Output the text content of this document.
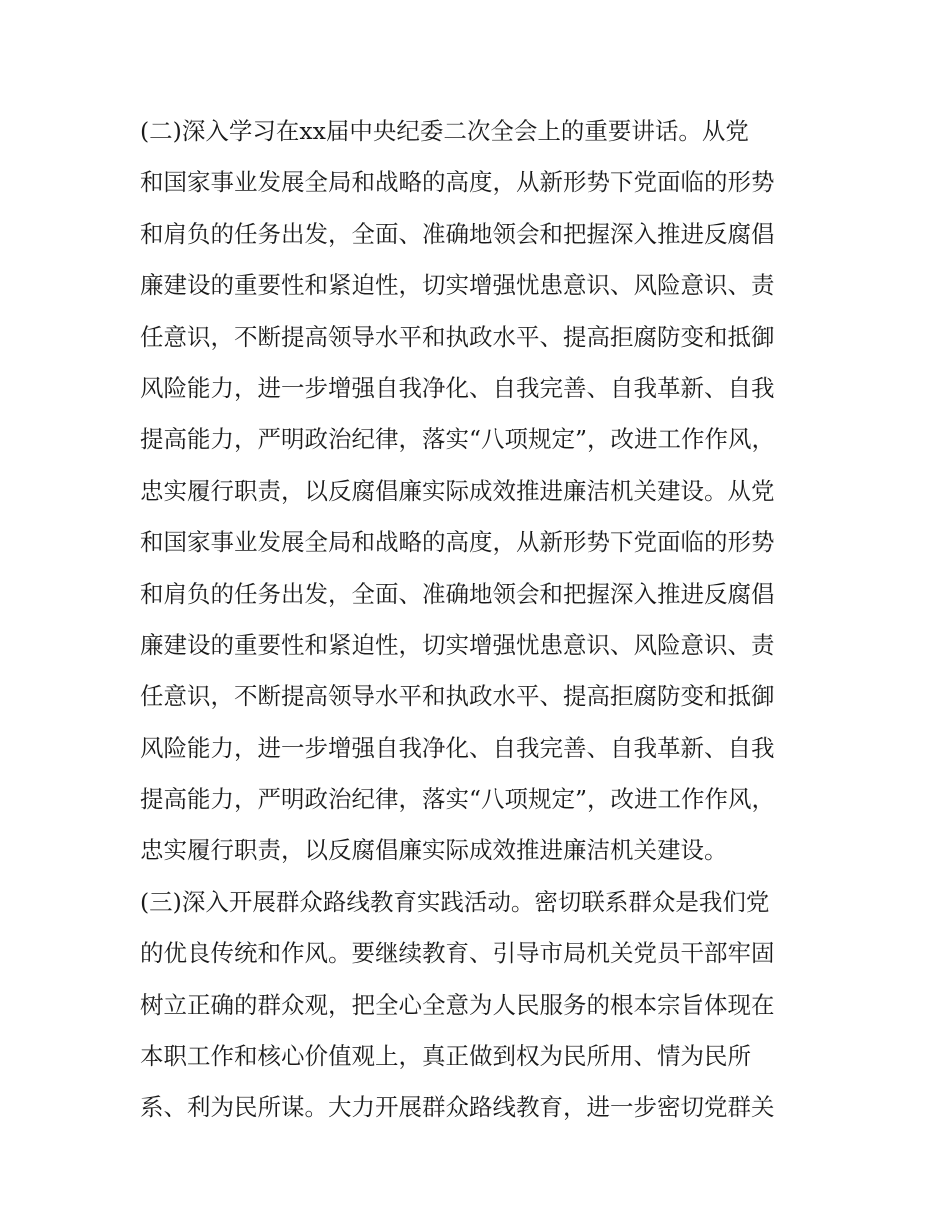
(二)深入学习在xx届中央纪委二次全会上的重要讲话。从党
和国家事业发展全局和战略的高度，从新形势下党面临的形势
和肩负的任务出发，全面、准确地领会和把握深入推进反腐倡
廉建设的重要性和紧迫性，切实增强忧患意识、风险意识、责
任意识，不断提高领导水平和执政水平、提高拒腐防变和抵御
风险能力，进一步增强自我净化、自我完善、自我革新、自我
提高能力，严明政治纪律，落实“八项规定”，改进工作作风，
忠实履行职责，以反腐倡廉实际成效推进廉洁机关建设。从党
和国家事业发展全局和战略的高度，从新形势下党面临的形势
和肩负的任务出发，全面、准确地领会和把握深入推进反腐倡
廉建设的重要性和紧迫性，切实增强忧患意识、风险意识、责
任意识，不断提高领导水平和执政水平、提高拒腐防变和抵御
风险能力，进一步增强自我净化、自我完善、自我革新、自我
提高能力，严明政治纪律，落实“八项规定”，改进工作作风，
忠实履行职责，以反腐倡廉实际成效推进廉洁机关建设。
(三)深入开展群众路线教育实践活动。密切联系群众是我们党
的优良传统和作风。要继续教育、引导市局机关党员干部牢固
树立正确的群众观，把全心全意为人民服务的根本宗旨体现在
本职工作和核心价值观上，真正做到权为民所用、情为民所
系、利为民所谋。大力开展群众路线教育，进一步密切党群关
